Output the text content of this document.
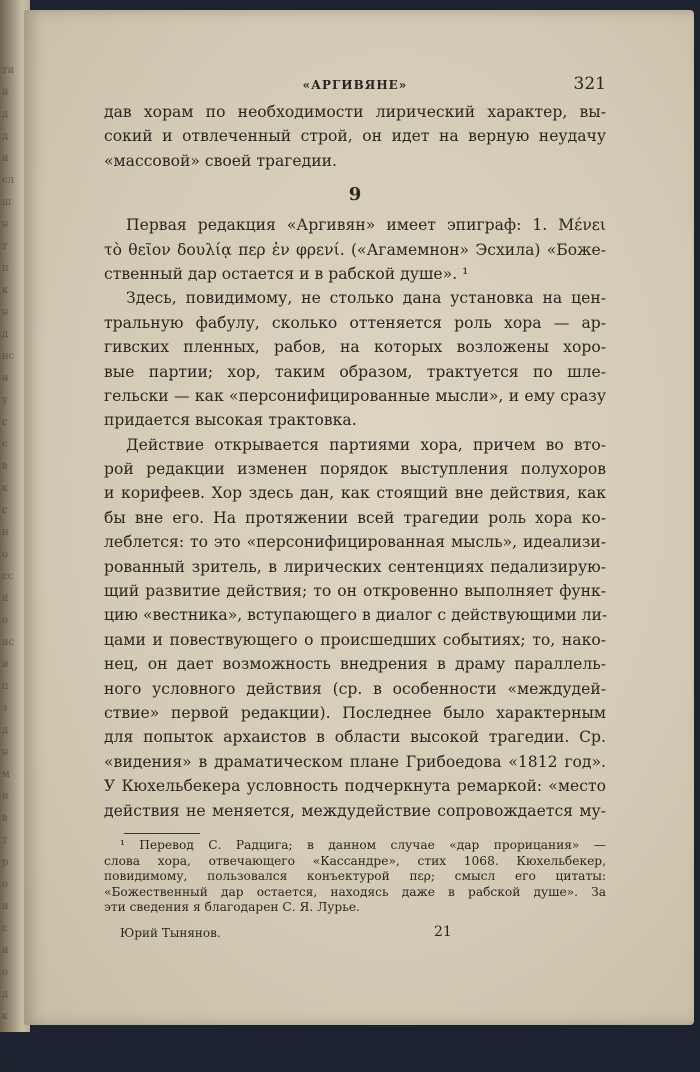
ти
й
д
д
и
сл
ш
н
т
п
к
н
д
нс
н
у
с
с
в
к
с
н
о
сс
й
о
ис
и
п
з
д
н
м
и
в
т
р
о
и
с
и
о
д
к
с
о
«АРГИВЯНЕ»	321
дав хорам по необходимости лирический характер, вы-
сокий и отвлеченный строй, он идет на верную неудачу
«массовой» своей трагедии.
9
Первая редакция «Аргивян» имеет эпиграф: 1. Μένει
τὸ θεῖον δουλίᾳ περ ἐν φρενί. («Агамемнон» Эсхила) «Боже-
ственный дар остается и в рабской душе». ¹
Здесь, повидимому, не столько дана установка на цен-
тральную фабулу, сколько оттеняется роль хора — ар-
гивских пленных, рабов, на которых возложены хоро-
вые партии; хор, таким образом, трактуется по шле-
гельски — как «персонифицированные мысли», и ему сразу
придается высокая трактовка.
Действие открывается партиями хора, причем во вто-
рой редакции изменен порядок выступления полухоров
и корифеев. Хор здесь дан, как стоящий вне действия, как
бы вне его. На протяжении всей трагедии роль хора ко-
леблется: то это «персонифицированная мысль», идеализи-
рованный зритель, в лирических сентенциях педализирую-
щий развитие действия; то он откровенно выполняет функ-
цию «вестника», вступающего в диалог с действующими ли-
цами и повествующего о происшедших событиях; то, нако-
нец, он дает возможность внедрения в драму параллель-
ного условного действия (ср. в особенности «междудей-
ствие» первой редакции). Последнее было характерным
для попыток архаистов в области высокой трагедии. Ср.
«видения» в драматическом плане Грибоедова «1812 год».
У Кюхельбекера условность подчеркнута ремаркой: «место
действия не меняется, междудействие сопровождается му-
¹ Перевод С. Радцига; в данном случае «дар прорицания» —
слова хора, отвечающего «Кассандре», стих 1068. Кюхельбекер,
повидимому, пользовался конъектурой περ; смысл его цитаты:
«Божественный дар остается, находясь даже в рабской душе». За
эти сведения я благодарен С. Я. Лурье.
Юрий Тынянов.	21
